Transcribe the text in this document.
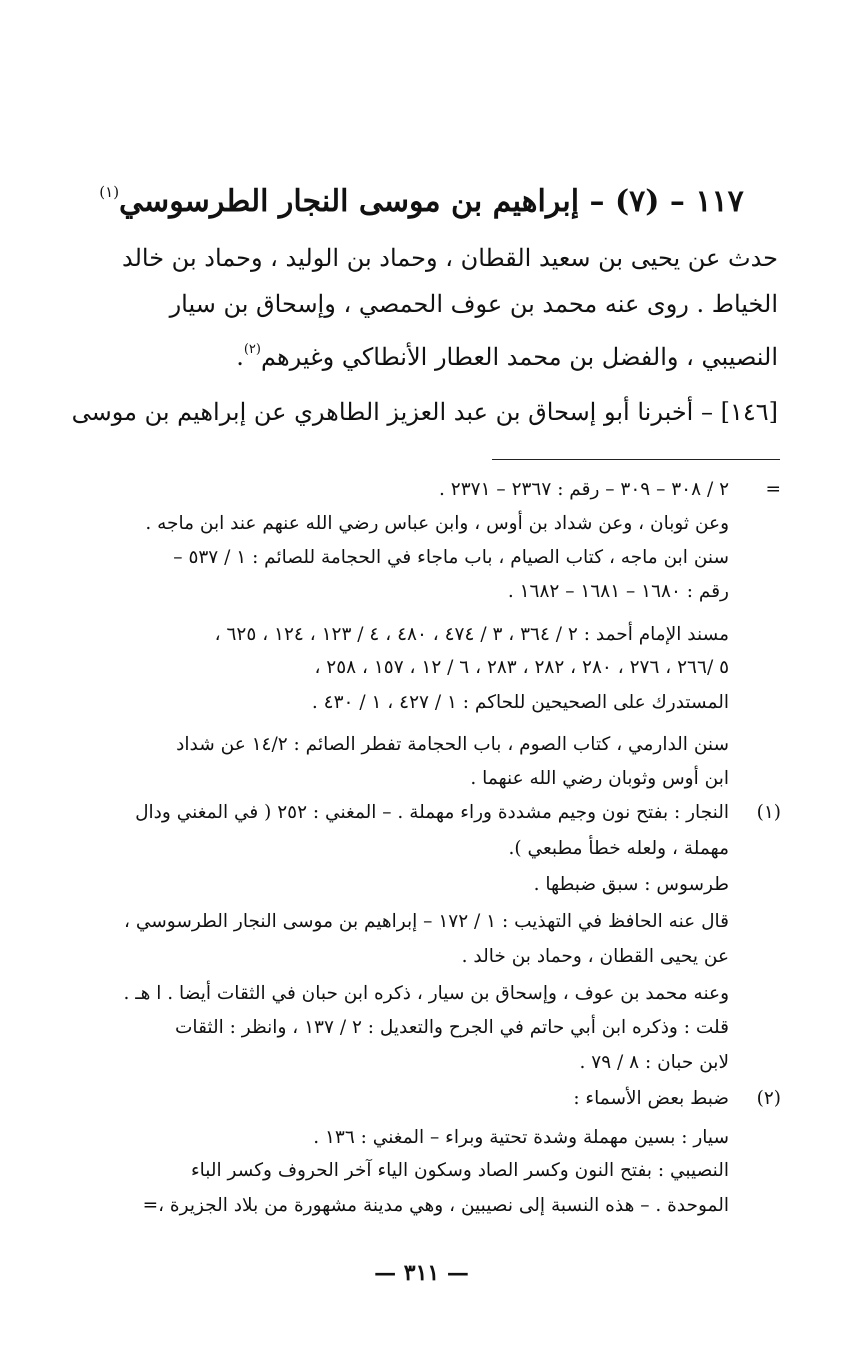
١١٧ – (٧) – إبراهيم بن موسى النجار الطرسوسي$^{(١)}$
حدث عن يحيى بن سعيد القطان ، وحماد بن الوليد ، وحماد بن خالد
الخياط . روى عنه محمد بن عوف الحمصي ، وإسحاق بن سيار
النصيبي ، والفضل بن محمد العطار الأنطاكي وغيرهم$^{(٢)}$.
[١٤٦] – أخبرنا أبو إسحاق بن عبد العزيز الطاهري عن إبراهيم بن موسى
=
٢ / ٣٠٨ – ٣٠٩ – رقم : ٢٣٦٧ – ٢٣٧١ .
وعن ثوبان ، وعن شداد بن أوس ، وابن عباس رضي الله عنهم عند ابن ماجه .
سنن ابن ماجه ، كتاب الصيام ، باب ماجاء في الحجامة للصائم : ١ / ٥٣٧ –
رقم : ١٦٨٠ – ١٦٨١ – ١٦٨٢ .
مسند الإمام أحمد : ٢ / ٣٦٤ ، ٣ / ٤٧٤ ، ٤٨٠ ، ٤ / ١٢٣ ، ١٢٤ ، ٦٢٥ ،
٥ /٢٦٦ ، ٢٧٦ ، ٢٨٠ ، ٢٨٢ ، ٢٨٣ ، ٦ / ١٢ ، ١٥٧ ، ٢٥٨ ،
المستدرك على الصحيحين للحاكم : ١ / ٤٢٧ ، ١ / ٤٣٠ .
سنن الدارمي ، كتاب الصوم ، باب الحجامة تفطر الصائم : ١٤/٢ عن شداد
ابن أوس وثوبان رضي الله عنهما .
(١)
النجار : بفتح نون وجيم مشددة وراء مهملة . – المغني : ٢٥٢ ( في المغني ودال
مهملة ، ولعله خطأ مطبعي ).
طرسوس : سبق ضبطها .
قال عنه الحافظ في التهذيب : ١ / ١٧٢ – إبراهيم بن موسى النجار الطرسوسي ،
عن يحيى القطان ، وحماد بن خالد .
وعنه محمد بن عوف ، وإسحاق بن سيار ، ذكره ابن حبان في الثقات أيضا . ا هـ .
قلت : وذكره ابن أبي حاتم في الجرح والتعديل : ٢ / ١٣٧ ، وانظر : الثقات
لابن حبان : ٨ / ٧٩ .
(٢)
ضبط بعض الأسماء :
سيار : بسين مهملة وشدة تحتية وبراء – المغني : ١٣٦ .
النصيبي : بفتح النون وكسر الصاد وسكون الياء آخر الحروف وكسر الباء
الموحدة . – هذه النسبة إلى نصيبين ، وهي مدينة مشهورة من بلاد الجزيرة ،=
— ٣١١ —
